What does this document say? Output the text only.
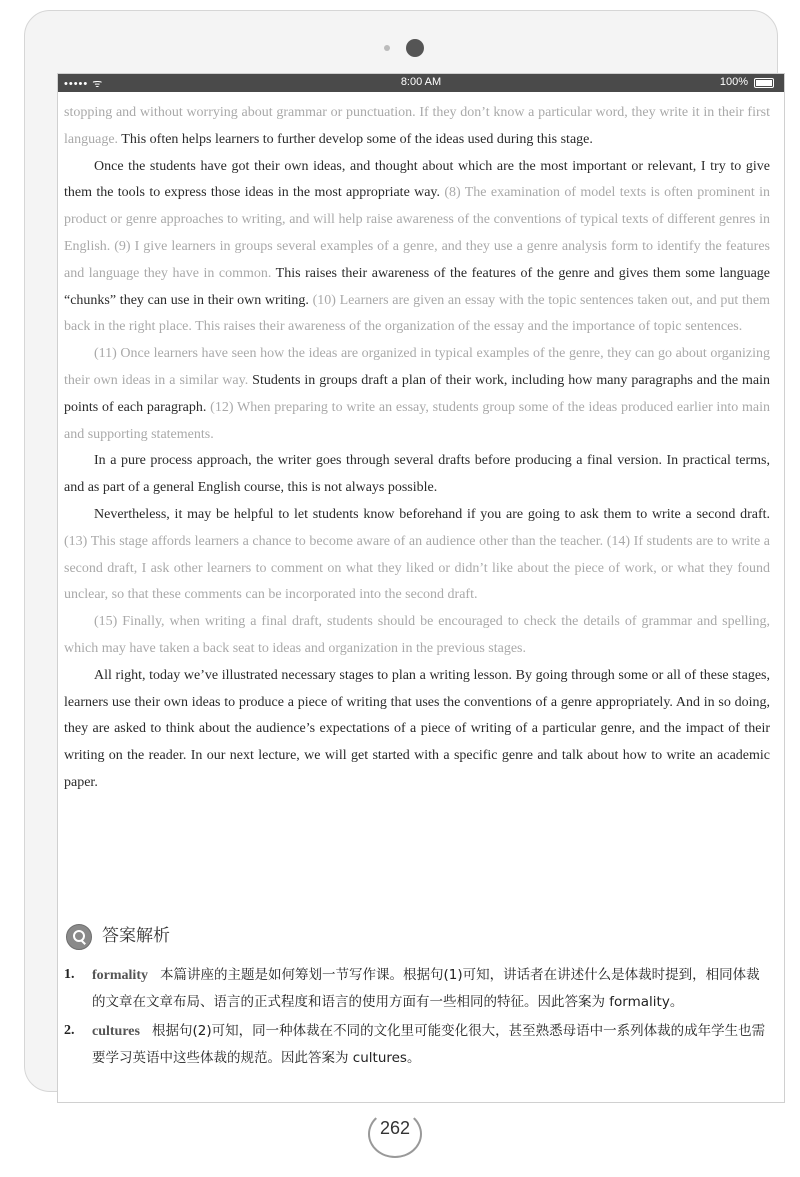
••••• ᯤ	8:00 AM	100%

stopping and without worrying about grammar or punctuation. If they don’t know a particular word, they write it in their first language. This often helps learners to further develop some of the ideas used during this stage.

Once the students have got their own ideas, and thought about which are the most important or relevant, I try to give them the tools to express those ideas in the most appropriate way. (8) The examination of model texts is often prominent in product or genre approaches to writing, and will help raise awareness of the conventions of typical texts of different genres in English. (9) I give learners in groups several examples of a genre, and they use a genre analysis form to identify the features and language they have in common. This raises their awareness of the features of the genre and gives them some language “chunks” they can use in their own writing. (10) Learners are given an essay with the topic sentences taken out, and put them back in the right place. This raises their awareness of the organization of the essay and the importance of topic sentences.

(11) Once learners have seen how the ideas are organized in typical examples of the genre, they can go about organizing their own ideas in a similar way. Students in groups draft a plan of their work, including how many paragraphs and the main points of each paragraph. (12) When preparing to write an essay, students group some of the ideas produced earlier into main and supporting statements.

In a pure process approach, the writer goes through several drafts before producing a final version. In practical terms, and as part of a general English course, this is not always possible.

Nevertheless, it may be helpful to let students know beforehand if you are going to ask them to write a second draft. (13) This stage affords learners a chance to become aware of an audience other than the teacher. (14) If students are to write a second draft, I ask other learners to comment on what they liked or didn’t like about the piece of work, or what they found unclear, so that these comments can be incorporated into the second draft.

(15) Finally, when writing a final draft, students should be encouraged to check the details of grammar and spelling, which may have taken a back seat to ideas and organization in the previous stages.

All right, today we’ve illustrated necessary stages to plan a writing lesson. By going through some or all of these stages, learners use their own ideas to produce a piece of writing that uses the conventions of a genre appropriately. And in so doing, they are asked to think about the audience’s expectations of a piece of writing of a particular genre, and the impact of their writing on the reader. In our next lecture, we will get started with a specific genre and talk about how to write an academic paper.

答案解析
1. formality 本篇讲座的主题是如何筹划一节写作课。根据句(1)可知，讲话者在讲述什么是体裁时提到，相同体裁的文章在文章布局、语言的正式程度和语言的使用方面有一些相同的特征。因此答案为 formality。
2. cultures 根据句(2)可知，同一种体裁在不同的文化里可能变化很大，甚至熟悉母语中一系列体裁的成年学生也需要学习英语中这些体裁的规范。因此答案为 cultures。
262
